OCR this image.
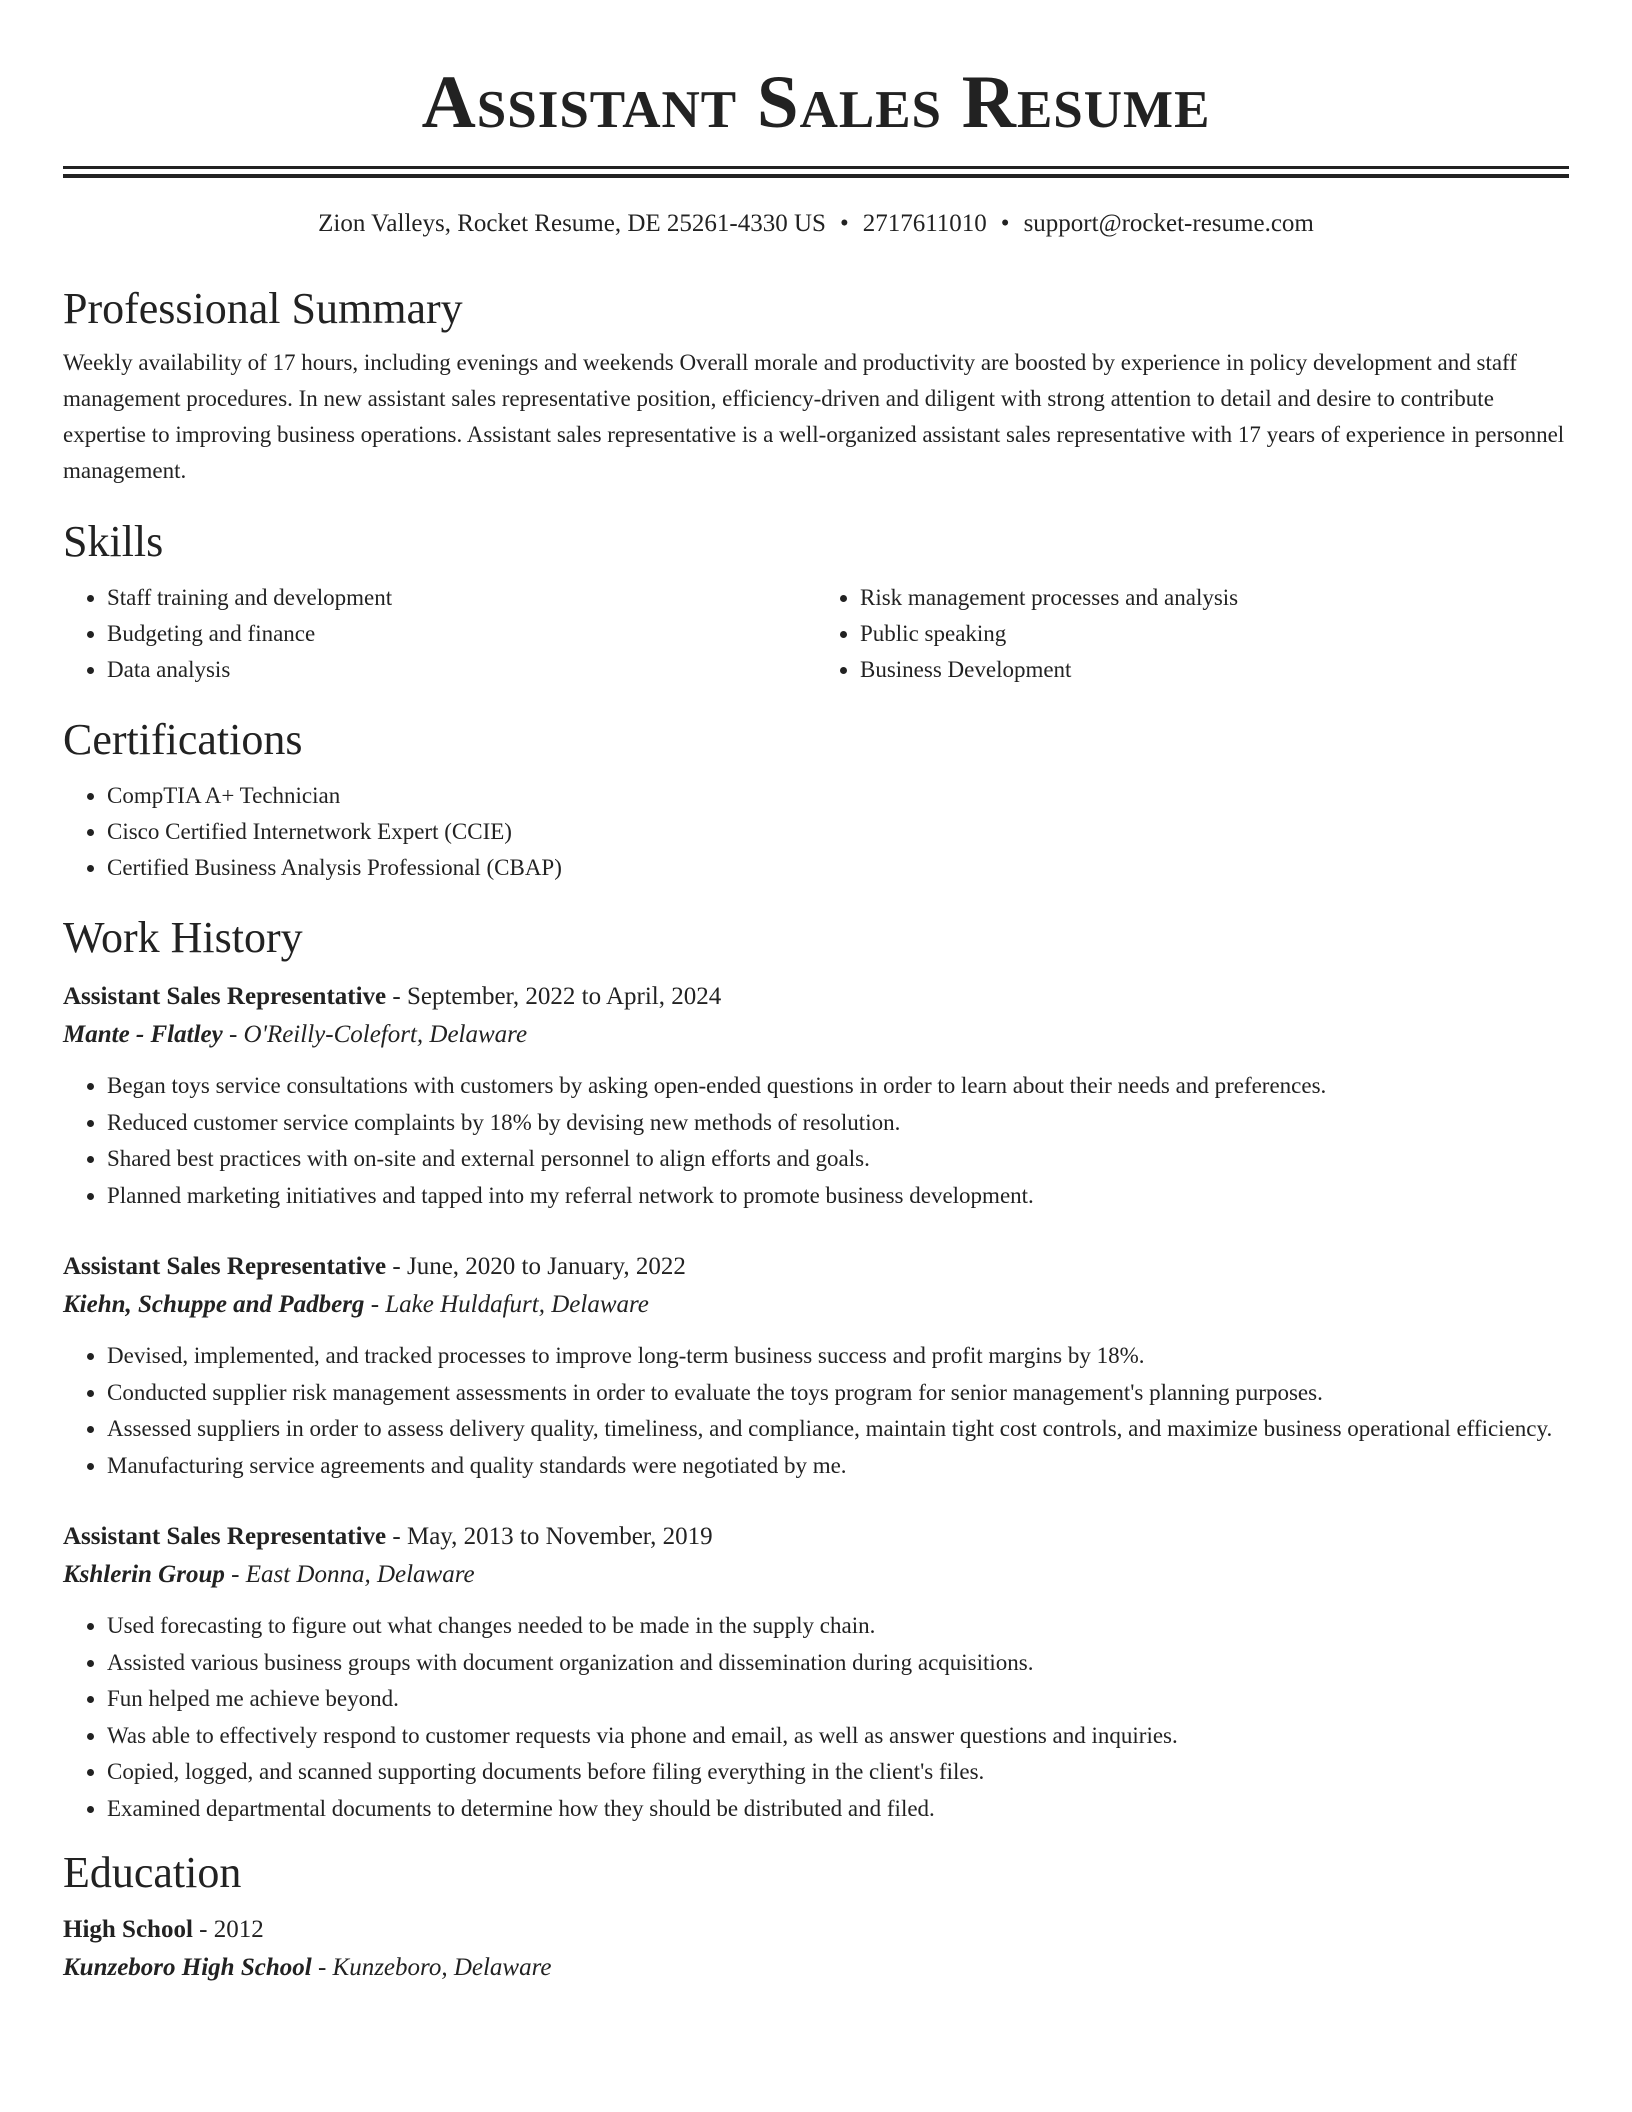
Assistant Sales Resume
Zion Valleys, Rocket Resume, DE 25261-4330 US • 2717611010 • support@rocket-resume.com
Professional Summary

Weekly availability of 17 hours, including evenings and weekends Overall morale and productivity are boosted by experience in policy development and staff management procedures. In new assistant sales representative position, efficiency-driven and diligent with strong attention to detail and desire to contribute expertise to improving business operations. Assistant sales representative is a well-organized assistant sales representative with 17 years of experience in personnel management.

Skills
• Staff training and development
• Budgeting and finance
• Data analysis
• Risk management processes and analysis
• Public speaking
• Business Development
Certifications
• CompTIA A+ Technician
• Cisco Certified Internetwork Expert (CCIE)
• Certified Business Analysis Professional (CBAP)
Work History
Assistant Sales Representative - September, 2022 to April, 2024
Mante - Flatley - O'Reilly-Colefort, Delaware
• Began toys service consultations with customers by asking open-ended questions in order to learn about their needs and preferences.
• Reduced customer service complaints by 18% by devising new methods of resolution.
• Shared best practices with on-site and external personnel to align efforts and goals.
• Planned marketing initiatives and tapped into my referral network to promote business development.
Assistant Sales Representative - June, 2020 to January, 2022
Kiehn, Schuppe and Padberg - Lake Huldafurt, Delaware
• Devised, implemented, and tracked processes to improve long-term business success and profit margins by 18%.
• Conducted supplier risk management assessments in order to evaluate the toys program for senior management's planning purposes.
• Assessed suppliers in order to assess delivery quality, timeliness, and compliance, maintain tight cost controls, and maximize business operational efficiency.
• Manufacturing service agreements and quality standards were negotiated by me.
Assistant Sales Representative - May, 2013 to November, 2019
Kshlerin Group - East Donna, Delaware
• Used forecasting to figure out what changes needed to be made in the supply chain.
• Assisted various business groups with document organization and dissemination during acquisitions.
• Fun helped me achieve beyond.
• Was able to effectively respond to customer requests via phone and email, as well as answer questions and inquiries.
• Copied, logged, and scanned supporting documents before filing everything in the client's files.
• Examined departmental documents to determine how they should be distributed and filed.
Education
High School - 2012
Kunzeboro High School - Kunzeboro, Delaware
